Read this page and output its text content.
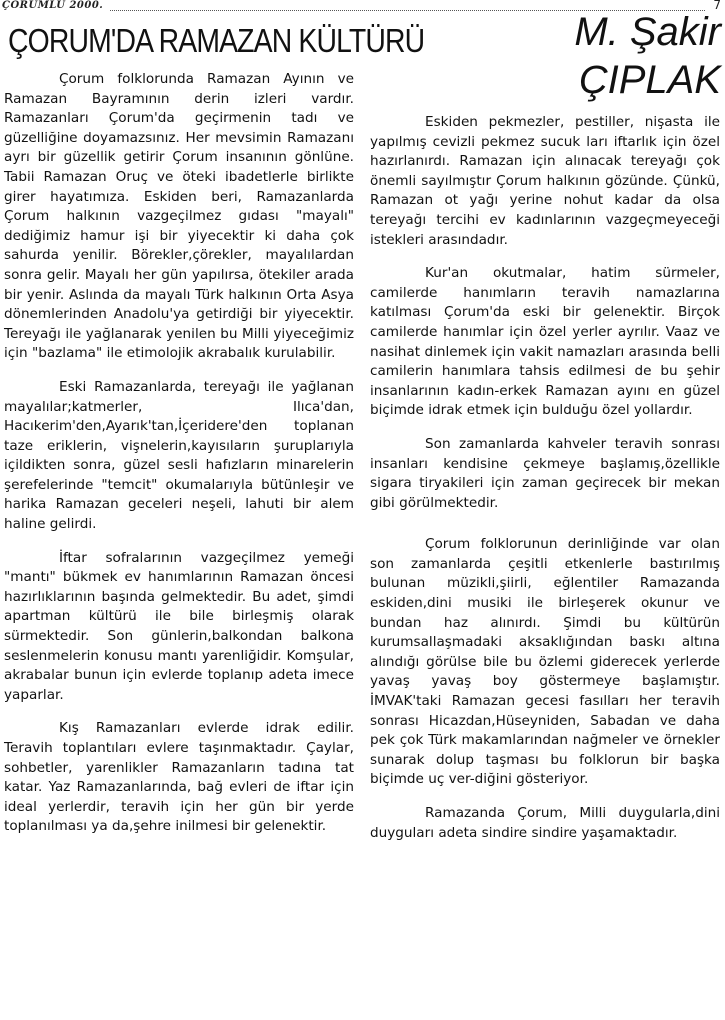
ÇORUMLU 2000.	7
ÇORUM'DA RAMAZAN KÜLTÜRÜ	M. Şakir
ÇIPLAK

Çorum folklorunda Ramazan Ayının ve Ramazan Bayramının derin izleri vardır. Ramazanları Çorum'da geçirmenin tadı ve güzelliğine doyamazsınız. Her mevsimin Ramazanı ayrı bir güzellik getirir Çorum insanının gönlüne. Tabii Ramazan Oruç ve öteki ibadetlerle birlikte girer hayatımıza. Eskiden beri, Ramazanlarda Çorum halkının vazgeçilmez gıdası "mayalı" dediğimiz hamur işi bir yiyecektir ki daha çok sahurda yenilir. Börekler,çörekler, mayalılardan sonra gelir. Mayalı her gün yapılırsa, ötekiler arada bir yenir. Aslında da mayalı Türk halkının Orta Asya dönemlerinden Anadolu'ya getirdiği bir yiyecektir. Tereyağı ile yağlanarak yenilen bu Milli yiyeceğimiz için "bazlama" ile etimolojik akrabalık kurulabilir.

Eski Ramazanlarda, tereyağı ile yağlanan mayalılar;katmerler, Ilıca'dan, Hacıkerim'den,Ayarık'tan,İçeridere'den toplanan taze eriklerin, vişnelerin,kayısıların şuruplarıyla içildikten sonra, güzel sesli hafızların minarelerin şerefelerinde "temcit" okumalarıyla bütünleşir ve harika Ramazan geceleri neşeli, lahuti bir alem haline gelirdi.

İftar sofralarının vazgeçilmez yemeği "mantı" bükmek ev hanımlarının Ramazan öncesi hazırlıklarının başında gelmektedir. Bu adet, şimdi apartman kültürü ile bile birleşmiş olarak sürmektedir. Son günlerin,balkondan balkona seslenmelerin konusu mantı yarenliğidir. Komşular, akrabalar bunun için evlerde toplanıp adeta imece yaparlar.

Kış Ramazanları evlerde idrak edilir. Teravih toplantıları evlere taşınmaktadır. Çaylar, sohbetler, yarenlikler Ramazanların tadına tat katar. Yaz Ramazanlarında, bağ evleri de iftar için ideal yerlerdir, teravih için her gün bir yerde toplanılması ya da,şehre inilmesi bir gelenektir.

Eskiden pekmezler, pestiller, nişasta ile yapılmış cevizli pekmez sucuk ları iftarlık için özel hazırlanırdı. Ramazan için alınacak tereyağı çok önemli sayılmıştır Çorum halkının gözünde. Çünkü, Ramazan ot yağı yerine nohut kadar da olsa tereyağı tercihi ev kadınlarının vazgeçmeyeceği istekleri arasındadır.

Kur'an okutmalar, hatim sürmeler, camilerde hanımların teravih namazlarına katılması Çorum'da eski bir gelenektir. Birçok camilerde hanımlar için özel yerler ayrılır. Vaaz ve nasihat dinlemek için vakit namazları arasında belli camilerin hanımlara tahsis edilmesi de bu şehir insanlarının kadın-erkek Ramazan ayını en güzel biçimde idrak etmek için bulduğu özel yollardır.

Son zamanlarda kahveler teravih sonrası insanları kendisine çekmeye başlamış,özellikle sigara tiryakileri için zaman geçirecek bir mekan gibi görülmektedir.

Çorum folklorunun derinliğinde var olan son zamanlarda çeşitli etkenlerle bastırılmış bulunan müzikli,şiirli, eğlentiler Ramazanda eskiden,dini musiki ile birleşerek okunur ve bundan haz alınırdı. Şimdi bu kültürün kurumsallaşmadaki aksaklığından baskı altına alındığı görülse bile bu özlemi giderecek yerlerde yavaş yavaş boy göstermeye başlamıştır. İMVAK'taki Ramazan gecesi fasılları her teravih sonrası Hicazdan,Hüseyniden, Sabadan ve daha pek çok Türk makamlarından nağmeler ve örnekler sunarak dolup taşması bu folklorun bir başka biçimde uç ver-diğini gösteriyor.

Ramazanda Çorum, Milli duygularla,dini duyguları adeta sindire sindire yaşamaktadır.
